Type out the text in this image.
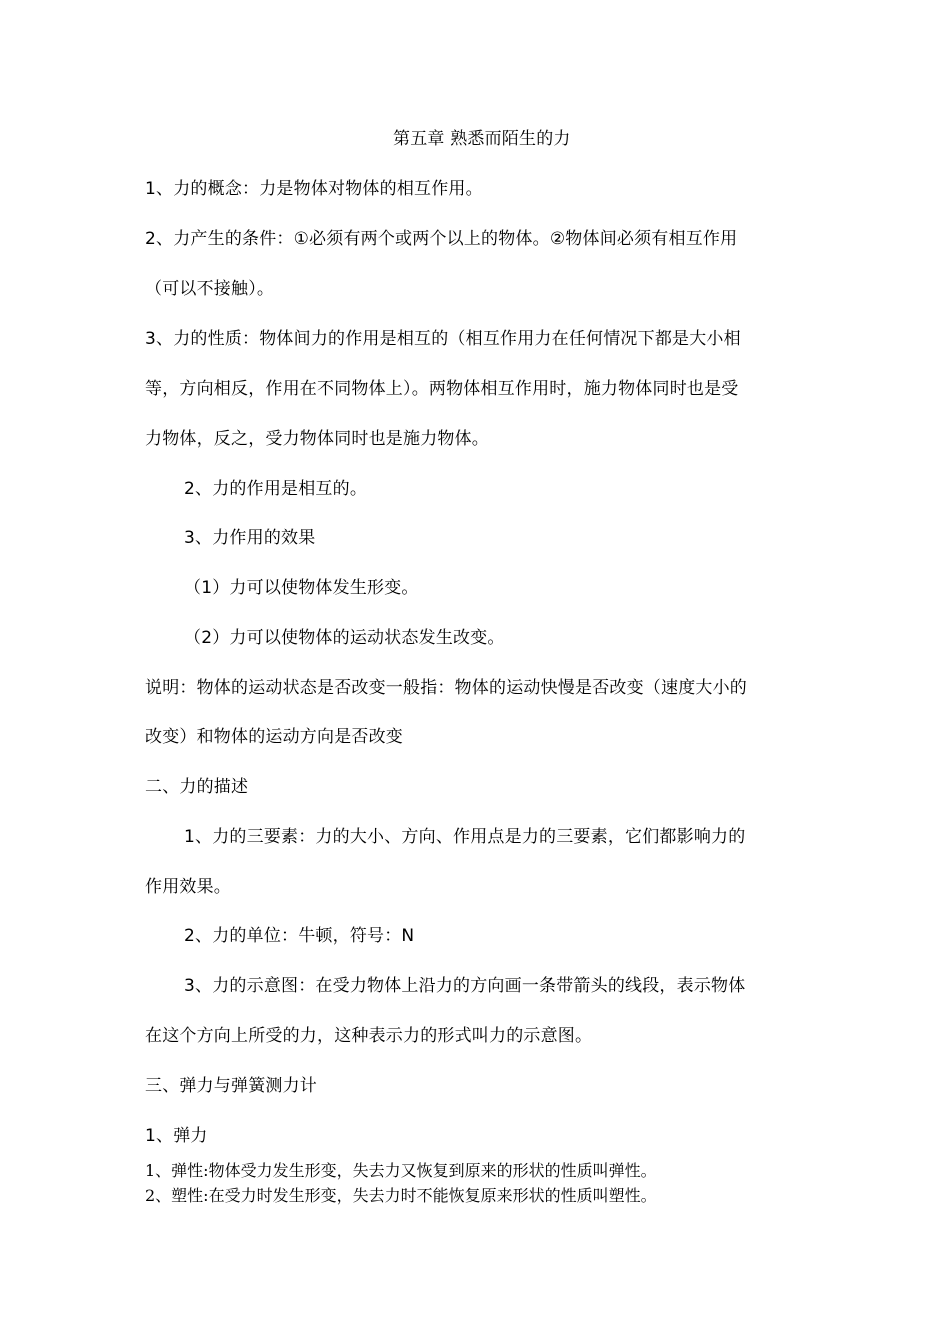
第五章 熟悉而陌生的力
1、力的概念：力是物体对物体的相互作用。
2、力产生的条件：①必须有两个或两个以上的物体。②物体间必须有相互作用
（可以不接触）。
3、力的性质：物体间力的作用是相互的（相互作用力在任何情况下都是大小相
等，方向相反，作用在不同物体上）。两物体相互作用时，施力物体同时也是受
力物体，反之，受力物体同时也是施力物体。
2、力的作用是相互的。
3、力作用的效果
（1）力可以使物体发生形变。
（2）力可以使物体的运动状态发生改变。
说明：物体的运动状态是否改变一般指：物体的运动快慢是否改变（速度大小的
改变）和物体的运动方向是否改变
二、力的描述
1、力的三要素：力的大小、方向、作用点是力的三要素，它们都影响力的
作用效果。
2、力的单位：牛顿，符号：N
3、力的示意图：在受力物体上沿力的方向画一条带箭头的线段，表示物体
在这个方向上所受的力，这种表示力的形式叫力的示意图。
三、弹力与弹簧测力计
1、弹力
1、弹性:物体受力发生形变，失去力又恢复到原来的形状的性质叫弹性。
2、塑性:在受力时发生形变，失去力时不能恢复原来形状的性质叫塑性。
